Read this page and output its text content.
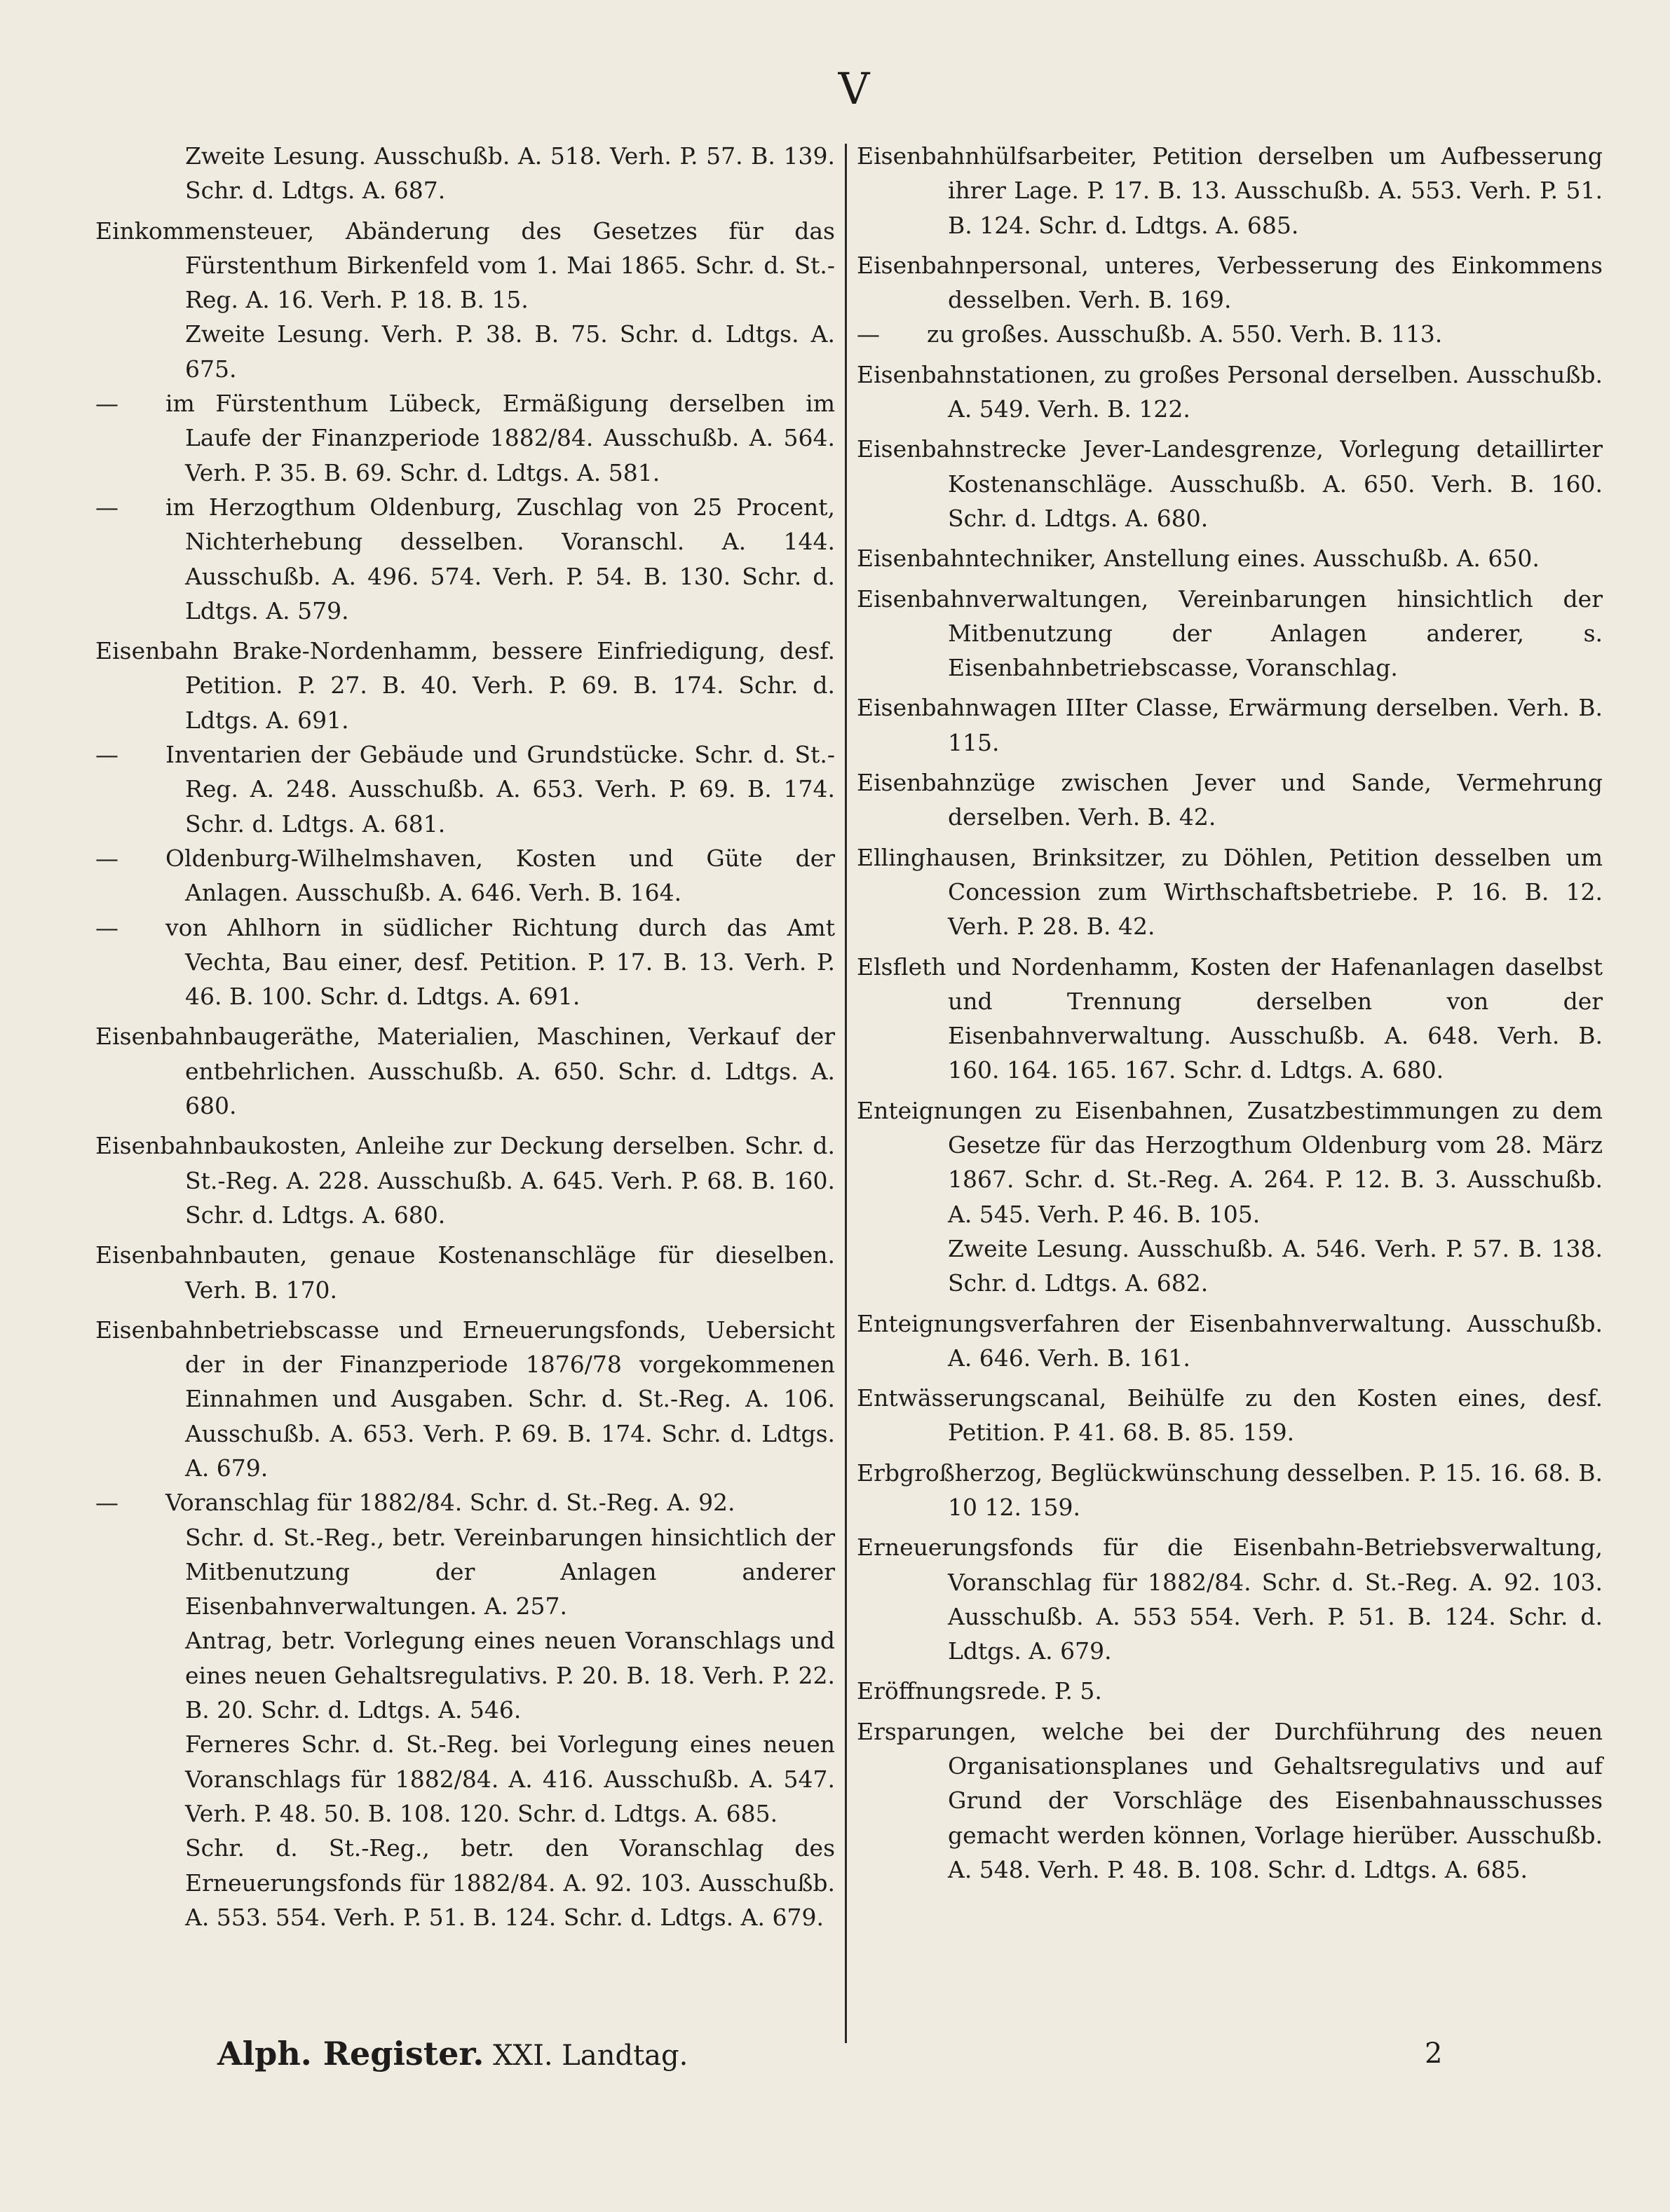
V

Zweite Lesung. Ausschußb. A. 518. Verh. P. 57. B. 139. Schr. d. Ldtgs. A. 687.

Einkommensteuer, Abänderung des Gesetzes für das Fürstenthum Birkenfeld vom 1. Mai 1865. Schr. d. St.-Reg. A. 16. Verh. P. 18. B. 15.

Zweite Lesung. Verh. P. 38. B. 75. Schr. d. Ldtgs. A. 675.

— im Fürstenthum Lübeck, Ermäßigung derselben im Laufe der Finanzperiode 1882/84. Ausschußb. A. 564. Verh. P. 35. B. 69. Schr. d. Ldtgs. A. 581.

— im Herzogthum Oldenburg, Zuschlag von 25 Procent, Nichterhebung desselben. Voranschl. A. 144. Ausschußb. A. 496. 574. Verh. P. 54. B. 130. Schr. d. Ldtgs. A. 579.

Eisenbahn Brake-Nordenhamm, bessere Einfriedigung, desf. Petition. P. 27. B. 40. Verh. P. 69. B. 174. Schr. d. Ldtgs. A. 691.

— Inventarien der Gebäude und Grundstücke. Schr. d. St.-Reg. A. 248. Ausschußb. A. 653. Verh. P. 69. B. 174. Schr. d. Ldtgs. A. 681.

— Oldenburg-Wilhelmshaven, Kosten und Güte der Anlagen. Ausschußb. A. 646. Verh. B. 164.

— von Ahlhorn in südlicher Richtung durch das Amt Vechta, Bau einer, desf. Petition. P. 17. B. 13. Verh. P. 46. B. 100. Schr. d. Ldtgs. A. 691.

Eisenbahnbaugeräthe, Materialien, Maschinen, Verkauf der entbehrlichen. Ausschußb. A. 650. Schr. d. Ldtgs. A. 680.

Eisenbahnbaukosten, Anleihe zur Deckung derselben. Schr. d. St.-Reg. A. 228. Ausschußb. A. 645. Verh. P. 68. B. 160. Schr. d. Ldtgs. A. 680.

Eisenbahnbauten, genaue Kostenanschläge für dieselben. Verh. B. 170.

Eisenbahnbetriebscasse und Erneuerungsfonds, Uebersicht der in der Finanzperiode 1876/78 vorgekommenen Einnahmen und Ausgaben. Schr. d. St.-Reg. A. 106. Ausschußb. A. 653. Verh. P. 69. B. 174. Schr. d. Ldtgs. A. 679.

— Voranschlag für 1882/84. Schr. d. St.-Reg. A. 92.

Schr. d. St.-Reg., betr. Vereinbarungen hinsichtlich der Mitbenutzung der Anlagen anderer Eisenbahnverwaltungen. A. 257.

Antrag, betr. Vorlegung eines neuen Voranschlags und eines neuen Gehaltsregulativs. P. 20. B. 18. Verh. P. 22. B. 20. Schr. d. Ldtgs. A. 546.

Ferneres Schr. d. St.-Reg. bei Vorlegung eines neuen Voranschlags für 1882/84. A. 416. Ausschußb. A. 547. Verh. P. 48. 50. B. 108. 120. Schr. d. Ldtgs. A. 685.

Schr. d. St.-Reg., betr. den Voranschlag des Erneuerungsfonds für 1882/84. A. 92. 103. Ausschußb. A. 553. 554. Verh. P. 51. B. 124. Schr. d. Ldtgs. A. 679.

Eisenbahnhülfsarbeiter, Petition derselben um Aufbesserung ihrer Lage. P. 17. B. 13. Ausschußb. A. 553. Verh. P. 51. B. 124. Schr. d. Ldtgs. A. 685.

Eisenbahnpersonal, unteres, Verbesserung des Einkommens desselben. Verh. B. 169.

— zu großes. Ausschußb. A. 550. Verh. B. 113.

Eisenbahnstationen, zu großes Personal derselben. Ausschußb. A. 549. Verh. B. 122.

Eisenbahnstrecke Jever-Landesgrenze, Vorlegung detaillirter Kostenanschläge. Ausschußb. A. 650. Verh. B. 160. Schr. d. Ldtgs. A. 680.

Eisenbahntechniker, Anstellung eines. Ausschußb. A. 650.

Eisenbahnverwaltungen, Vereinbarungen hinsichtlich der Mitbenutzung der Anlagen anderer, s. Eisenbahnbetriebscasse, Voranschlag.

Eisenbahnwagen IIIter Classe, Erwärmung derselben. Verh. B. 115.

Eisenbahnzüge zwischen Jever und Sande, Vermehrung derselben. Verh. B. 42.

Ellinghausen, Brinksitzer, zu Döhlen, Petition desselben um Concession zum Wirthschaftsbetriebe. P. 16. B. 12. Verh. P. 28. B. 42.

Elsfleth und Nordenhamm, Kosten der Hafenanlagen daselbst und Trennung derselben von der Eisenbahnverwaltung. Ausschußb. A. 648. Verh. B. 160. 164. 165. 167. Schr. d. Ldtgs. A. 680.

Enteignungen zu Eisenbahnen, Zusatzbestimmungen zu dem Gesetze für das Herzogthum Oldenburg vom 28. März 1867. Schr. d. St.-Reg. A. 264. P. 12. B. 3. Ausschußb. A. 545. Verh. P. 46. B. 105.

Zweite Lesung. Ausschußb. A. 546. Verh. P. 57. B. 138. Schr. d. Ldtgs. A. 682.

Enteignungsverfahren der Eisenbahnverwaltung. Ausschußb. A. 646. Verh. B. 161.

Entwässerungscanal, Beihülfe zu den Kosten eines, desf. Petition. P. 41. 68. B. 85. 159.

Erbgroßherzog, Beglückwünschung desselben. P. 15. 16. 68. B. 10 12. 159.

Erneuerungsfonds für die Eisenbahn-Betriebsverwaltung, Voranschlag für 1882/84. Schr. d. St.-Reg. A. 92. 103. Ausschußb. A. 553 554. Verh. P. 51. B. 124. Schr. d. Ldtgs. A. 679.

Eröffnungsrede. P. 5.

Ersparungen, welche bei der Durchführung des neuen Organisationsplanes und Gehaltsregulativs und auf Grund der Vorschläge des Eisenbahnausschusses gemacht werden können, Vorlage hierüber. Ausschußb. A. 548. Verh. P. 48. B. 108. Schr. d. Ldtgs. A. 685.

Alph. Register. XXI. Landtag.	2
